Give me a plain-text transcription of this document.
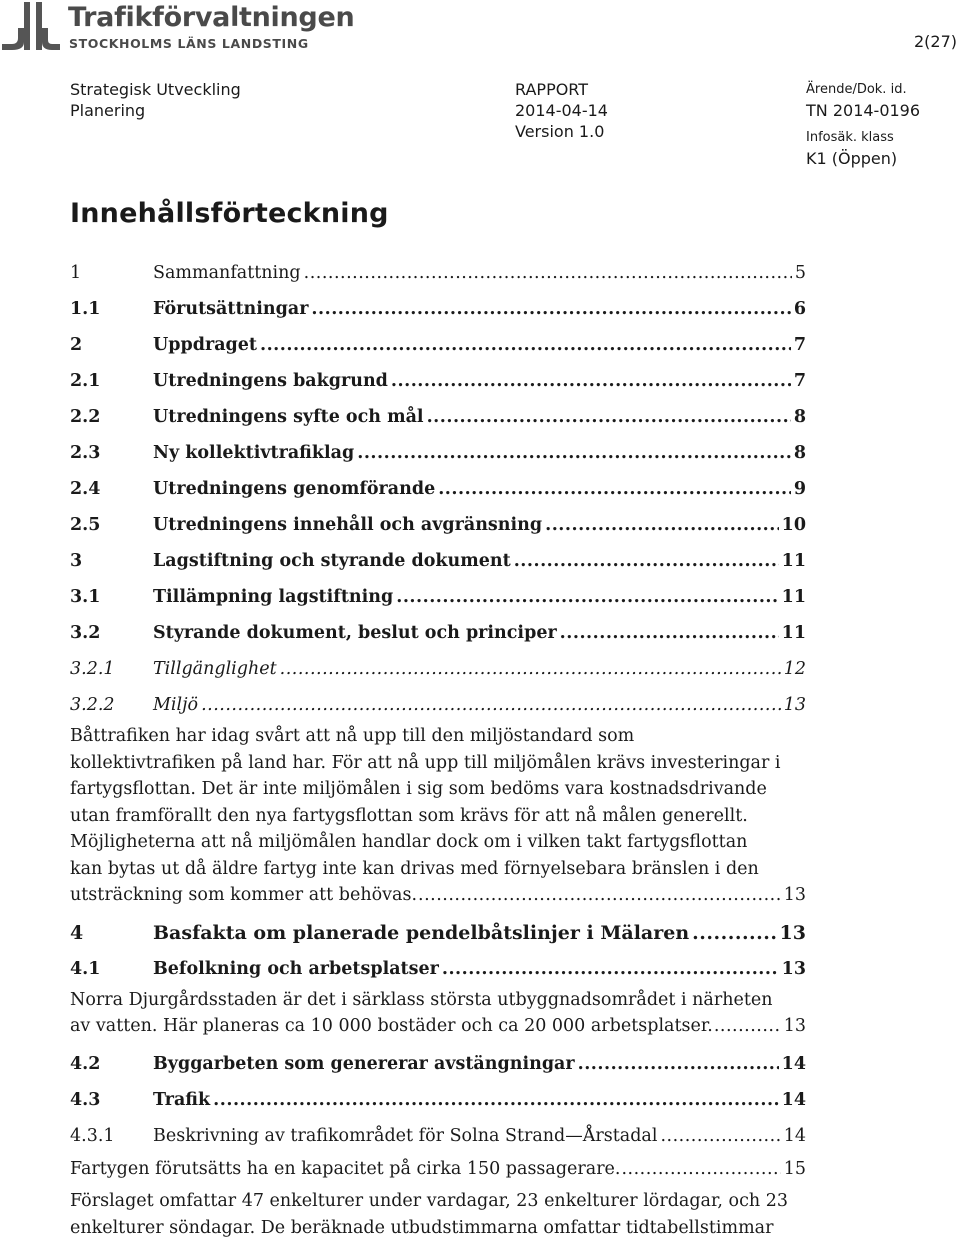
Trafikförvaltningen
STOCKHOLMS LÄNS LANDSTING	2(27)
Strategisk Utveckling
Planering
RAPPORT
2014-04-14
Version 1.0
Ärende/Dok. id.
TN 2014-0196
Infosäk. klass
K1 (Öppen)
Innehållsförteckning
1	Sammanfattning .....	5
1.1	Förutsättningar .....	6
2	Uppdraget .....	7
2.1	Utredningens bakgrund .....	7
2.2	Utredningens syfte och mål .....	8
2.3	Ny kollektivtrafiklag .....	8
2.4	Utredningens genomförande .....	9
2.5	Utredningens innehåll och avgränsning .....	10
3	Lagstiftning och styrande dokument .....	11
3.1	Tillämpning lagstiftning .....	11
3.2	Styrande dokument, beslut och principer .....	11
3.2.1	Tillgänglighet .....	12
3.2.2	Miljö .....	13
Båttrafiken har idag svårt att nå upp till den miljöstandard som
kollektivtrafiken på land har. För att nå upp till miljömålen krävs investeringar i
fartygsflottan. Det är inte miljömålen i sig som bedöms vara kostnadsdrivande
utan framförallt den nya fartygsflottan som krävs för att nå målen generellt.
Möjligheterna att nå miljömålen handlar dock om i vilken takt fartygsflottan
kan bytas ut då äldre fartyg inte kan drivas med förnyelsebara bränslen i den
utsträckning som kommer att behövas. .....	13
4	Basfakta om planerade pendelbåtslinjer i Mälaren .....	13
4.1	Befolkning och arbetsplatser .....	13
Norra Djurgårdsstaden är det i särklass största utbyggnadsområdet i närheten
av vatten. Här planeras ca 10 000 bostäder och ca 20 000 arbetsplatser. .....	13
4.2	Byggarbeten som genererar avstängningar .....	14
4.3	Trafik .....	14
4.3.1	Beskrivning av trafikområdet för Solna Strand—Årstadal .....	14
Fartygen förutsätts ha en kapacitet på cirka 150 passagerare. .....	15
Förslaget omfattar 47 enkelturer under vardagar, 23 enkelturer lördagar, och 23
enkelturer söndagar. De beräknade utbudstimmarna omfattar tidtabellstimmar
